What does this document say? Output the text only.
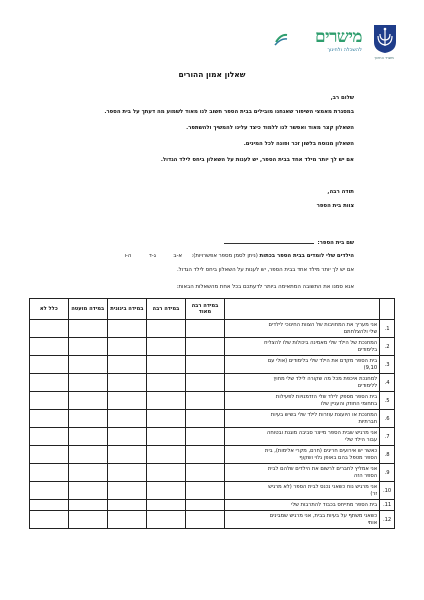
משרד החינוך
מישרים
להשכלה ולחינוך
שאלון אמון ההורים
שלום רב,
במסגרת מאמצי השיפור שאנחנו מובילים בבית הספר חשוב לנו מאוד לשמוע מה דעתך על בית הספר.
השאלון קצר מאוד ואפשר לנו ללמוד כיצד עלינו להמשיך ולהשתפר.
השאלון מנוסח בלשון זכר ופונה לכל המינים.
אם יש לך יותר מילד אחד בבית הספר, יש לענות על השאלון ביחס לילד הגדול.
תודה רבה,
צוות בית הספר
שם בית הספר:
הילדים שלי לומדים בבית הספר בכתות (ניתן לסמן מספר אפשרויות):  א-ב  ג-ד  ה-ו
אם יש לך יותר מילד אחד בבית הספר, יש לענות על השאלון ביחס לילד הגדול.
אנא סמנו את התשובה המתאימה ביותר לדעתכם בכל אחת מהשאלות הבאות:
		במידה רבה מאוד	במידה רבה	במידה בינונית	במידה מועטה	כלל לא
1.	אני מעריך את המחויבות של הצוות החינוכי לילדים
שלי ולהצלחתם					

2.	המחנכת של הילד שלי מאמינה ביכולות שלו להצליח
בלימודים					

3.	בית הספר מקדם את הילד שלי בלימודים (אולי עם
9,10)					

4.	למחנכת איכפת מכל מה שקורה לילד שלי מחוץ
ללימודים					

5.	בית הספר מספק לילד שלי הזדמנויות לפעילות
בתחומי החוזק והעניין שלו					

6.	המחנכת או היועצת עוזרות לילד שלי בשיש בעיות
חברתיות					

7.	אני מרגיש שבית הספר מייצר סביבה מוגנת ובטוחה
עבור הילד שלי					

8.	כאשר יש אירועים חריגים (חרם, מקרי אלימות), בית
הספר מטפל בהם באופן גלוי ושקוף					

9.	אני אמליץ לחברים לרשום את הילדים שלהם לבית
הספר הזה					

10.	אני מרגיש נוח כשאני נכנס לבית הספר (לא מרגיש
זר)					

11.	בית הספר מתייחס בכבוד להתרבות שלי					

12.	כשאני משתף על בעיות בבית, אני מרגיש שמבינים
אותי					
